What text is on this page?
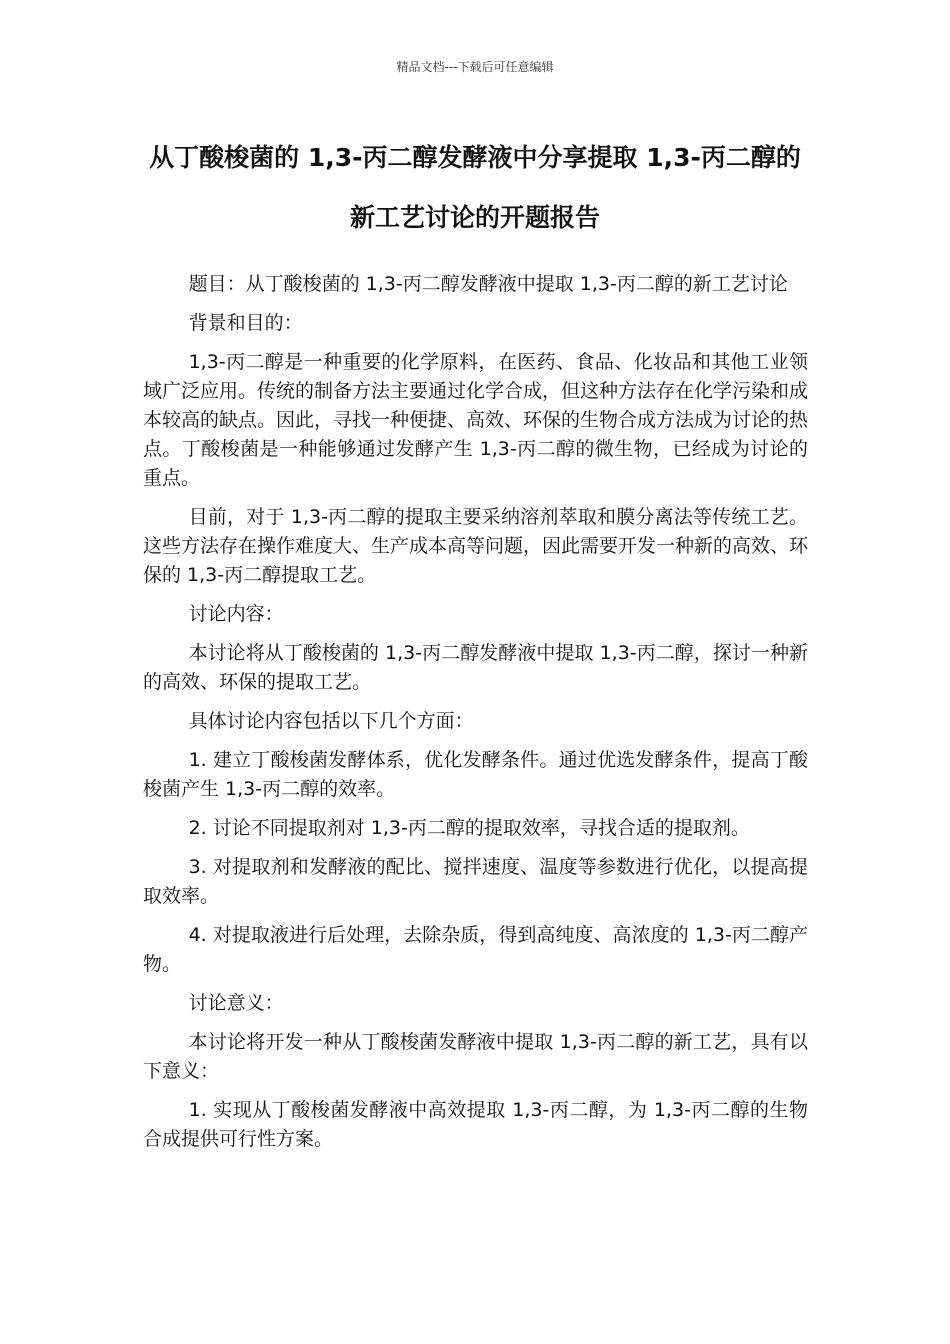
精品文档---下载后可任意编辑
从丁酸梭菌的 1,3-丙二醇发酵液中分享提取 1,3-丙二醇的新工艺讨论的开题报告

题目：从丁酸梭菌的 1,3-丙二醇发酵液中提取 1,3-丙二醇的新工艺讨论

背景和目的：

1,3-丙二醇是一种重要的化学原料，在医药、食品、化妆品和其他工业领域广泛应用。传统的制备方法主要通过化学合成，但这种方法存在化学污染和成本较高的缺点。因此，寻找一种便捷、高效、环保的生物合成方法成为讨论的热点。丁酸梭菌是一种能够通过发酵产生 1,3-丙二醇的微生物，已经成为讨论的重点。

目前，对于 1,3-丙二醇的提取主要采纳溶剂萃取和膜分离法等传统工艺。这些方法存在操作难度大、生产成本高等问题，因此需要开发一种新的高效、环保的 1,3-丙二醇提取工艺。

讨论内容：

本讨论将从丁酸梭菌的 1,3-丙二醇发酵液中提取 1,3-丙二醇，探讨一种新的高效、环保的提取工艺。

具体讨论内容包括以下几个方面：

1. 建立丁酸梭菌发酵体系，优化发酵条件。通过优选发酵条件，提高丁酸梭菌产生 1,3-丙二醇的效率。

2. 讨论不同提取剂对 1,3-丙二醇的提取效率，寻找合适的提取剂。

3. 对提取剂和发酵液的配比、搅拌速度、温度等参数进行优化，以提高提取效率。

4. 对提取液进行后处理，去除杂质，得到高纯度、高浓度的 1,3-丙二醇产物。

讨论意义：

本讨论将开发一种从丁酸梭菌发酵液中提取 1,3-丙二醇的新工艺，具有以下意义：

1. 实现从丁酸梭菌发酵液中高效提取 1,3-丙二醇，为 1,3-丙二醇的生物合成提供可行性方案。
